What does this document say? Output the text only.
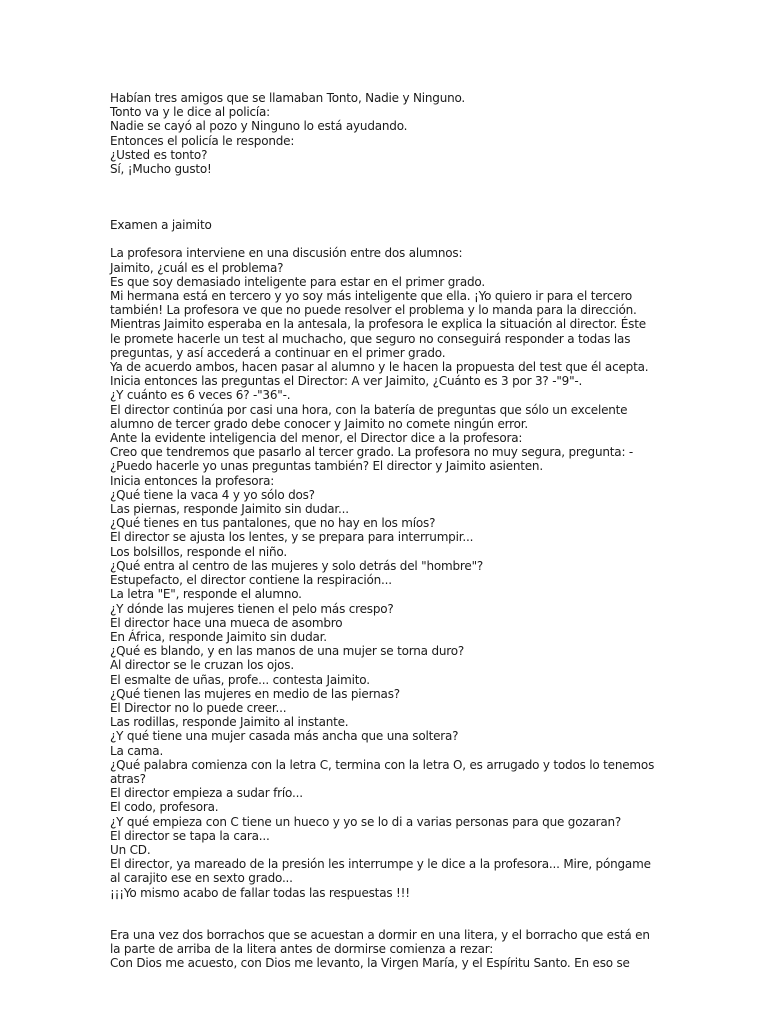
Habían tres amigos que se llamaban Tonto, Nadie y Ninguno.
Tonto va y le dice al policía:
Nadie se cayó al pozo y Ninguno lo está ayudando.
Entonces el policía le responde:
¿Usted es tonto?
Sí, ¡Mucho gusto!
Examen a jaimito
La profesora interviene en una discusión entre dos alumnos:
Jaimito, ¿cuál es el problema?
Es que soy demasiado inteligente para estar en el primer grado.
Mi hermana está en tercero y yo soy más inteligente que ella. ¡Yo quiero ir para el tercero
también! La profesora ve que no puede resolver el problema y lo manda para la dirección.
Mientras Jaimito esperaba en la antesala, la profesora le explica la situación al director. Éste
le promete hacerle un test al muchacho, que seguro no conseguirá responder a todas las
preguntas, y así accederá a continuar en el primer grado.
Ya de acuerdo ambos, hacen pasar al alumno y le hacen la propuesta del test que él acepta.
Inicia entonces las preguntas el Director: A ver Jaimito, ¿Cuánto es 3 por 3? -"9"-.
¿Y cuánto es 6 veces 6? -"36"-.
El director continúa por casi una hora, con la batería de preguntas que sólo un excelente
alumno de tercer grado debe conocer y Jaimito no comete ningún error.
Ante la evidente inteligencia del menor, el Director dice a la profesora:
Creo que tendremos que pasarlo al tercer grado. La profesora no muy segura, pregunta: -
¿Puedo hacerle yo unas preguntas también? El director y Jaimito asienten.
Inicia entonces la profesora:
¿Qué tiene la vaca 4 y yo sólo dos?
Las piernas, responde Jaimito sin dudar...
¿Qué tienes en tus pantalones, que no hay en los míos?
El director se ajusta los lentes, y se prepara para interrumpir...
Los bolsillos, responde el niño.
¿Qué entra al centro de las mujeres y solo detrás del "hombre"?
Estupefacto, el director contiene la respiración...
La letra "E", responde el alumno.
¿Y dónde las mujeres tienen el pelo más crespo?
El director hace una mueca de asombro
En África, responde Jaimito sin dudar.
¿Qué es blando, y en las manos de una mujer se torna duro?
Al director se le cruzan los ojos.
El esmalte de uñas, profe... contesta Jaimito.
¿Qué tienen las mujeres en medio de las piernas?
El Director no lo puede creer...
Las rodillas, responde Jaimito al instante.
¿Y qué tiene una mujer casada más ancha que una soltera?
La cama.
¿Qué palabra comienza con la letra C, termina con la letra O, es arrugado y todos lo tenemos
atras?
El director empieza a sudar frío...
El codo, profesora.
¿Y qué empieza con C tiene un hueco y yo se lo di a varias personas para que gozaran?
El director se tapa la cara...
Un CD.
El director, ya mareado de la presión les interrumpe y le dice a la profesora... Mire, póngame
al carajito ese en sexto grado...
¡¡¡Yo mismo acabo de fallar todas las respuestas !!!
Era una vez dos borrachos que se acuestan a dormir en una litera, y el borracho que está en
la parte de arriba de la litera antes de dormirse comienza a rezar:
Con Dios me acuesto, con Dios me levanto, la Virgen María, y el Espíritu Santo. En eso se
